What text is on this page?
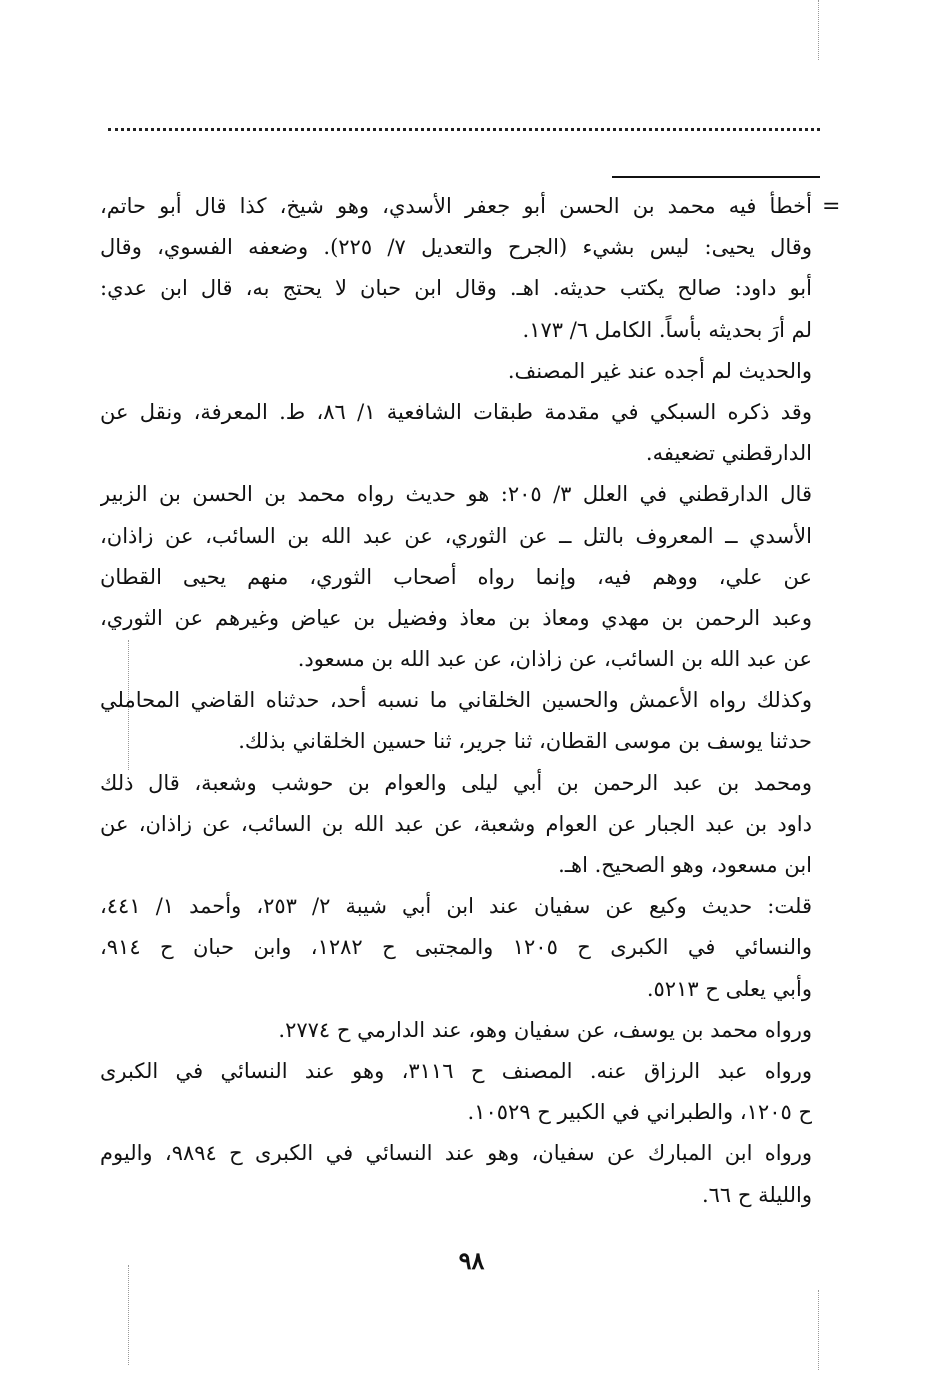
=
أخطأ فيه محمد بن الحسن أبو جعفر الأسدي، وهو شيخ، كذا قال أبو حاتم،
وقال يحيى: ليس بشيء (الجرح والتعديل ٧/ ٢٢٥). وضعفه الفسوي، وقال
أبو داود: صالح يكتب حديثه. اهـ. وقال ابن حبان لا يحتج به، قال ابن عدي:
لم أرَ بحديثه بأساً. الكامل ٦/ ١٧٣.
والحديث لم أجده عند غير المصنف.
وقد ذكره السبكي في مقدمة طبقات الشافعية ١/ ٨٦، ط. المعرفة، ونقل عن
الدارقطني تضعيفه.
قال الدارقطني في العلل ٣/ ٢٠٥: هو حديث رواه محمد بن الحسن بن الزبير
الأسدي ــ المعروف بالتل ــ عن الثوري، عن عبد الله بن السائب، عن زاذان،
عن علي، ووهم فيه، وإنما رواه أصحاب الثوري، منهم يحيى القطان
وعبد الرحمن بن مهدي ومعاذ بن معاذ وفضيل بن عياض وغيرهم عن الثوري،
عن عبد الله بن السائب، عن زاذان، عن عبد الله بن مسعود.
وكذلك رواه الأعمش والحسين الخلقاني ما نسبه أحد، حدثناه القاضي المحاملي
حدثنا يوسف بن موسى القطان، ثنا جرير، ثنا حسين الخلقاني بذلك.
ومحمد بن عبد الرحمن بن أبي ليلى والعوام بن حوشب وشعبة، قال ذلك
داود بن عبد الجبار عن العوام وشعبة، عن عبد الله بن السائب، عن زاذان، عن
ابن مسعود، وهو الصحيح. اهـ.
قلت: حديث وكيع عن سفيان عند ابن أبي شيبة ٢/ ٢٥٣، وأحمد ١/ ٤٤١،
والنسائي في الكبرى ح ١٢٠٥ والمجتبى ح ١٢٨٢، وابن حبان ح ٩١٤،
وأبي يعلى ح ٥٢١٣.
ورواه محمد بن يوسف، عن سفيان وهو، عند الدارمي ح ٢٧٧٤.
ورواه عبد الرزاق عنه. المصنف ح ٣١١٦، وهو عند النسائي في الكبرى
ح ١٢٠٥، والطبراني في الكبير ح ١٠٥٢٩.
ورواه ابن المبارك عن سفيان، وهو عند النسائي في الكبرى ح ٩٨٩٤، واليوم
والليلة ح ٦٦.
٩٨
